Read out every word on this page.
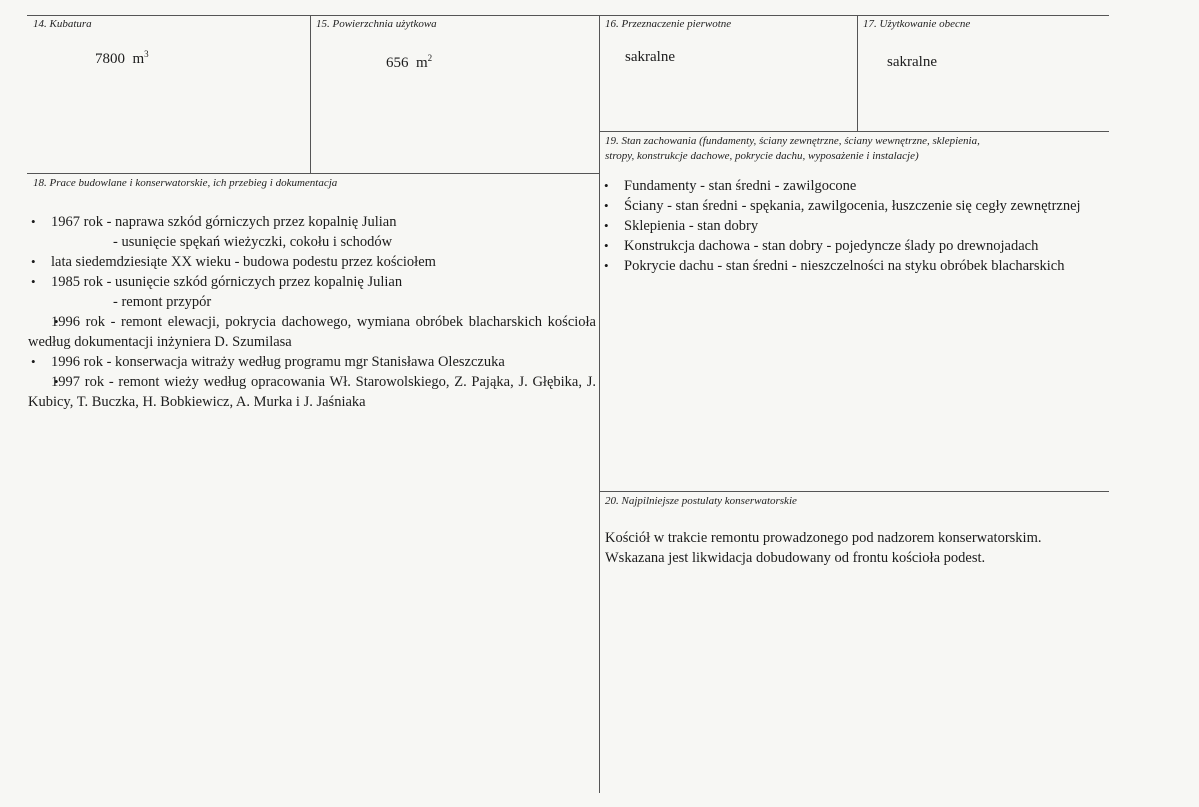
14. Kubatura
7800 $m^3$
15. Powierzchnia użytkowa
656 $m^2$
16. Przeznaczenie pierwotne
sakralne
17. Użytkowanie obecne
sakralne
18. Prace budowlane i konserwatorskie, ich przebieg i dokumentacja
• 1967 rok - naprawa szkód górniczych przez kopalnię Julian
- usunięcie spękań wieżyczki, cokołu i schodów
• lata siedemdziesiąte XX wieku - budowa podestu przez kościołem
• 1985 rok - usunięcie szkód górniczych przez kopalnię Julian
- remont przypór
• 1996 rok - remont elewacji, pokrycia dachowego, wymiana obróbek blacharskich kościoła według dokumentacji inżyniera D. Szumilasa
• 1996 rok - konserwacja witraży według programu mgr Stanisława Oleszczuka
• 1997 rok - remont wieży według opracowania Wł. Starowolskiego, Z. Pająka, J. Głębika, J. Kubicy, T. Buczka, H. Bobkiewicz, A. Murka i J. Jaśniaka
19. Stan zachowania (fundamenty, ściany zewnętrzne, ściany wewnętrzne, sklepienia,
stropy, konstrukcje dachowe, pokrycie dachu, wyposażenie i instalacje)
• Fundamenty - stan średni - zawilgocone
• Ściany - stan średni - spękania, zawilgocenia, łuszczenie się cegły zewnętrznej
• Sklepienia - stan dobry
• Konstrukcja dachowa - stan dobry - pojedyncze ślady po drewnojadach
• Pokrycie dachu - stan średni - nieszczelności na styku obróbek blacharskich
20. Najpilniejsze postulaty konserwatorskie
Kościół w trakcie remontu prowadzonego pod nadzorem konserwatorskim.
Wskazana jest likwidacja dobudowany od frontu kościoła podest.
